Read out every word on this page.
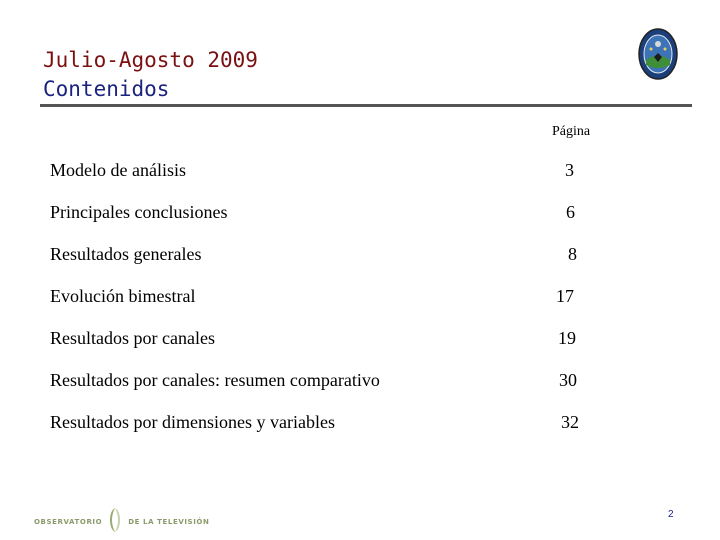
Julio-Agosto 2009
Contenidos
Página
Modelo de análisis	3
Principales conclusiones	6
Resultados generales	8
Evolución bimestral	17
Resultados por canales	19
Resultados por canales: resumen comparativo	30
Resultados por dimensiones y variables	32
OBSERVATORIO	DE LA TELEVISIÓN
2
